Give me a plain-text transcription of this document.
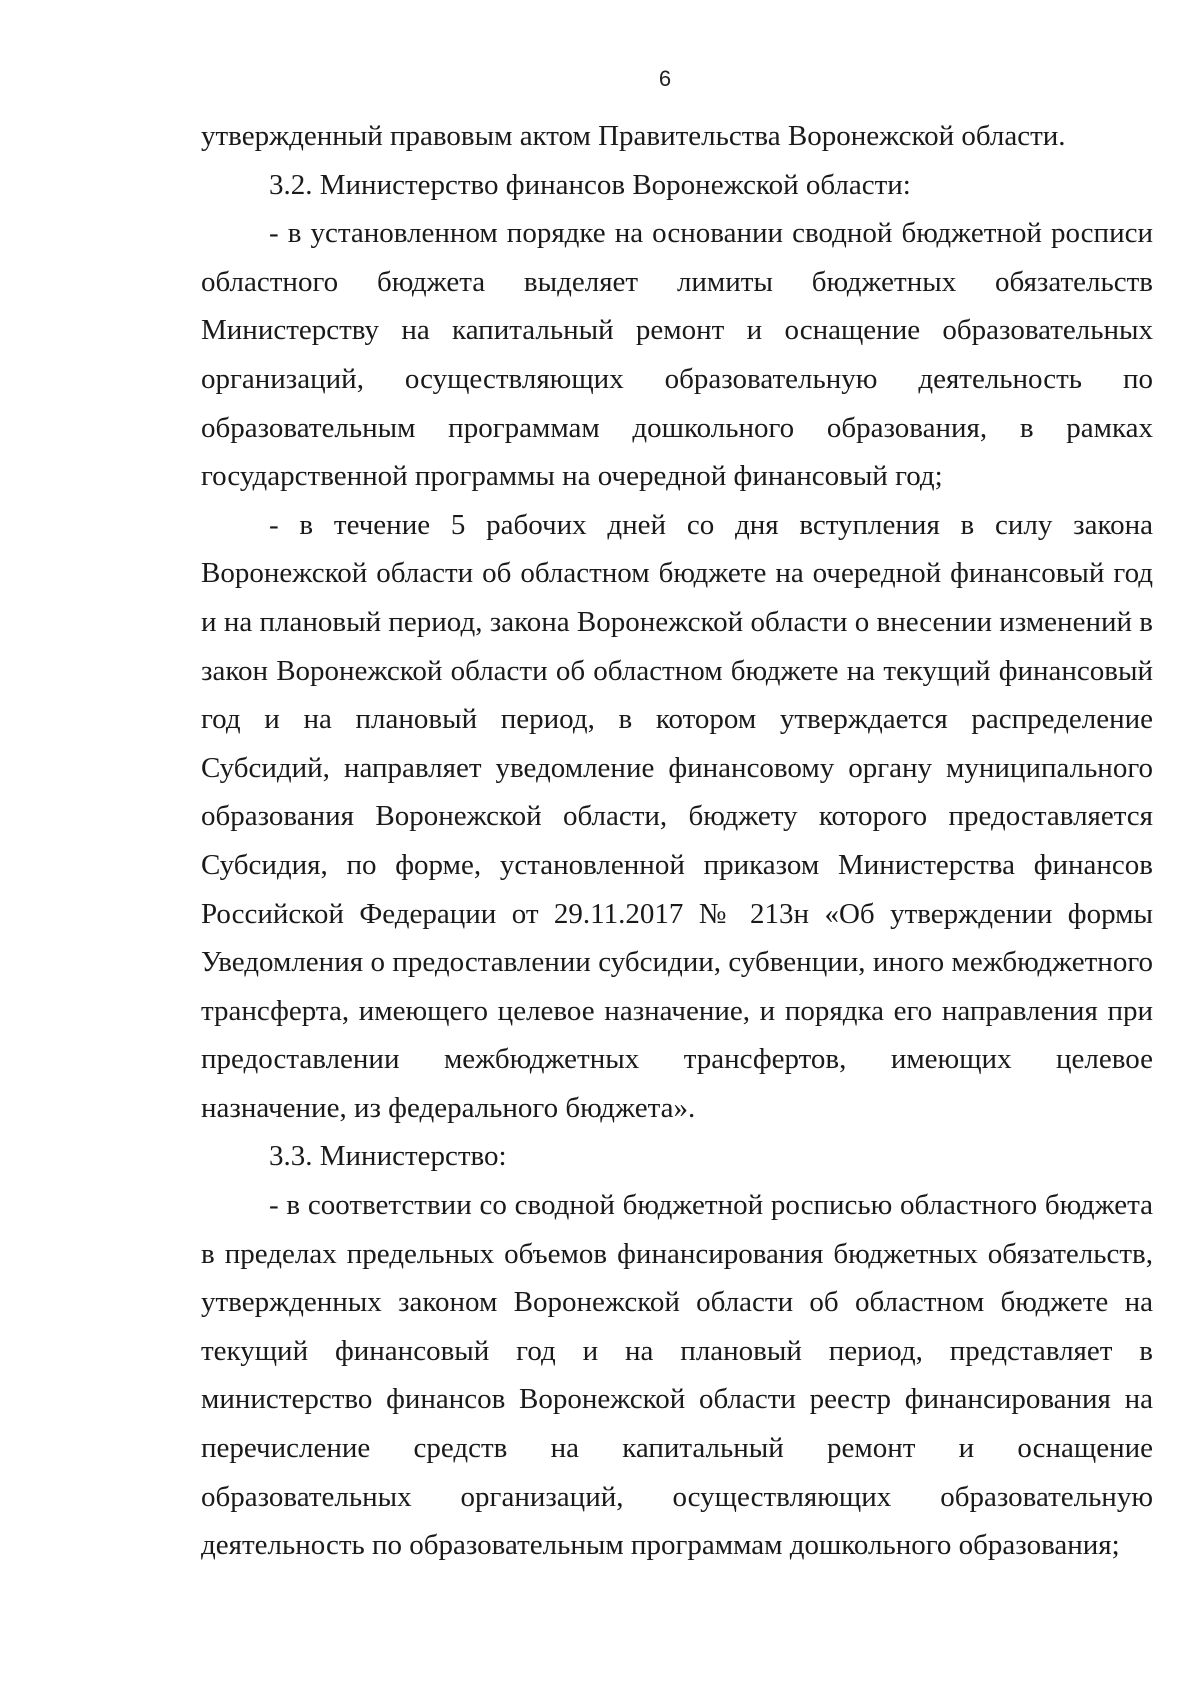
6

утвержденный правовым актом Правительства Воронежской области.

3.2. Министерство финансов Воронежской области:

- в установленном порядке на основании сводной бюджетной росписи областного бюджета выделяет лимиты бюджетных обязательств Министерству на капитальный ремонт и оснащение образовательных организаций, осуществляющих образовательную деятельность по образовательным программам дошкольного образования, в рамках государственной программы на очередной финансовый год;

- в течение 5 рабочих дней со дня вступления в силу закона Воронежской области об областном бюджете на очередной финансовый год и на плановый период, закона Воронежской области о внесении изменений в закон Воронежской области об областном бюджете на текущий финансовый год и на плановый период, в котором утверждается распределение Субсидий, направляет уведомление финансовому органу муниципального образования Воронежской области, бюджету которого предоставляется Субсидия, по форме, установленной приказом Министерства финансов Российской Федерации от 29.11.2017 № 213н «Об утверждении формы Уведомления о предоставлении субсидии, субвенции, иного межбюджетного трансферта, имеющего целевое назначение, и порядка его направления при предоставлении межбюджетных трансфертов, имеющих целевое назначение, из федерального бюджета».

3.3. Министерство:

- в соответствии со сводной бюджетной росписью областного бюджета в пределах предельных объемов финансирования бюджетных обязательств, утвержденных законом Воронежской области об областном бюджете на текущий финансовый год и на плановый период, представляет в министерство финансов Воронежской области реестр финансирования на перечисление средств на капитальный ремонт и оснащение образовательных организаций, осуществляющих образовательную деятельность по образовательным программам дошкольного образования;
